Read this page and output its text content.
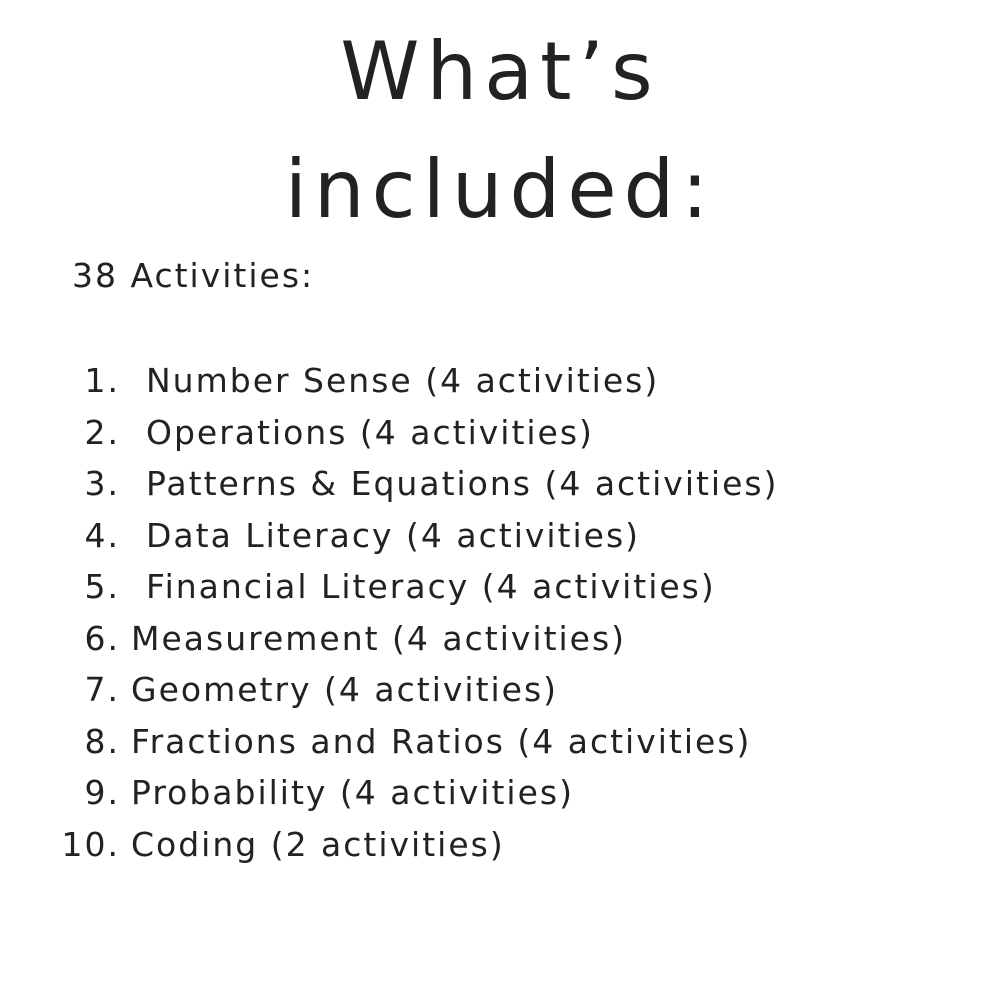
What’s
included:
38 Activities:
1. Number Sense (4 activities)
2. Operations (4 activities)
3. Patterns & Equations (4 activities)
4. Data Literacy (4 activities)
5. Financial Literacy (4 activities)
6. Measurement (4 activities)
7. Geometry (4 activities)
8. Fractions and Ratios (4 activities)
9. Probability (4 activities)
10. Coding (2 activities)
